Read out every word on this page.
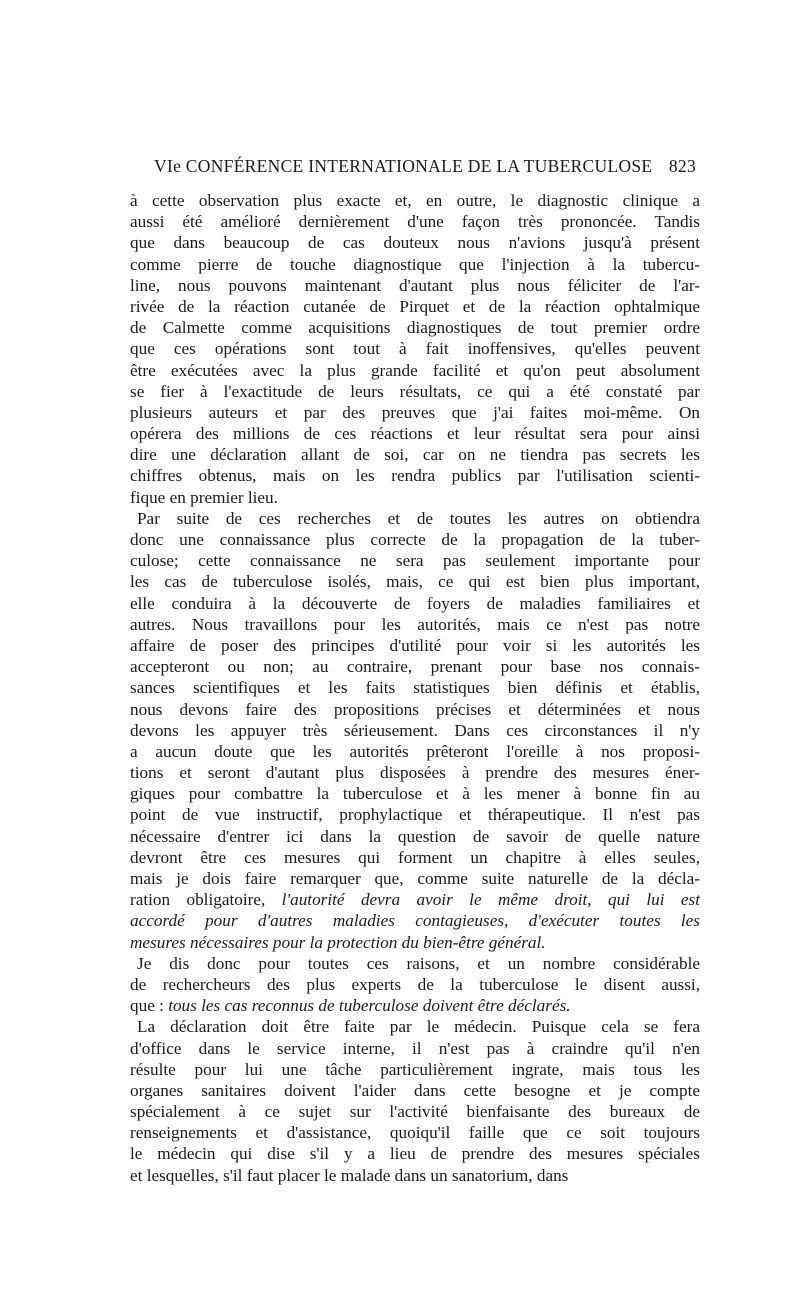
VIe CONFÉRENCE INTERNATIONALE DE LA TUBERCULOSE 823
à cette observation plus exacte et, en outre, le diagnostic clinique a
aussi été amélioré dernièrement d'une façon très prononcée. Tandis
que dans beaucoup de cas douteux nous n'avions jusqu'à présent
comme pierre de touche diagnostique que l'injection à la tubercu-
line, nous pouvons maintenant d'autant plus nous féliciter de l'ar-
rivée de la réaction cutanée de Pirquet et de la réaction ophtalmique
de Calmette comme acquisitions diagnostiques de tout premier ordre
que ces opérations sont tout à fait inoffensives, qu'elles peuvent
être exécutées avec la plus grande facilité et qu'on peut absolument
se fier à l'exactitude de leurs résultats, ce qui a été constaté par
plusieurs auteurs et par des preuves que j'ai faites moi-même. On
opérera des millions de ces réactions et leur résultat sera pour ainsi
dire une déclaration allant de soi, car on ne tiendra pas secrets les
chiffres obtenus, mais on les rendra publics par l'utilisation scienti-
fique en premier lieu.
Par suite de ces recherches et de toutes les autres on obtiendra
donc une connaissance plus correcte de la propagation de la tuber-
culose; cette connaissance ne sera pas seulement importante pour
les cas de tuberculose isolés, mais, ce qui est bien plus important,
elle conduira à la découverte de foyers de maladies familiaires et
autres. Nous travaillons pour les autorités, mais ce n'est pas notre
affaire de poser des principes d'utilité pour voir si les autorités les
accepteront ou non; au contraire, prenant pour base nos connais-
sances scientifiques et les faits statistiques bien définis et établis,
nous devons faire des propositions précises et déterminées et nous
devons les appuyer très sérieusement. Dans ces circonstances il n'y
a aucun doute que les autorités prêteront l'oreille à nos proposi-
tions et seront d'autant plus disposées à prendre des mesures éner-
giques pour combattre la tuberculose et à les mener à bonne fin au
point de vue instructif, prophylactique et thérapeutique. Il n'est pas
nécessaire d'entrer ici dans la question de savoir de quelle nature
devront être ces mesures qui forment un chapitre à elles seules,
mais je dois faire remarquer que, comme suite naturelle de la décla-
ration obligatoire, l'autorité devra avoir le même droit, qui lui est
accordé pour d'autres maladies contagieuses, d'exécuter toutes les
mesures nécessaires pour la protection du bien-être général.
Je dis donc pour toutes ces raisons, et un nombre considérable
de rechercheurs des plus experts de la tuberculose le disent aussi,
que : tous les cas reconnus de tuberculose doivent être déclarés.
La déclaration doit être faite par le médecin. Puisque cela se fera
d'office dans le service interne, il n'est pas à craindre qu'il n'en
résulte pour lui une tâche particulièrement ingrate, mais tous les
organes sanitaires doivent l'aider dans cette besogne et je compte
spécialement à ce sujet sur l'activité bienfaisante des bureaux de
renseignements et d'assistance, quoiqu'il faille que ce soit toujours
le médecin qui dise s'il y a lieu de prendre des mesures spéciales
et lesquelles, s'il faut placer le malade dans un sanatorium, dans
